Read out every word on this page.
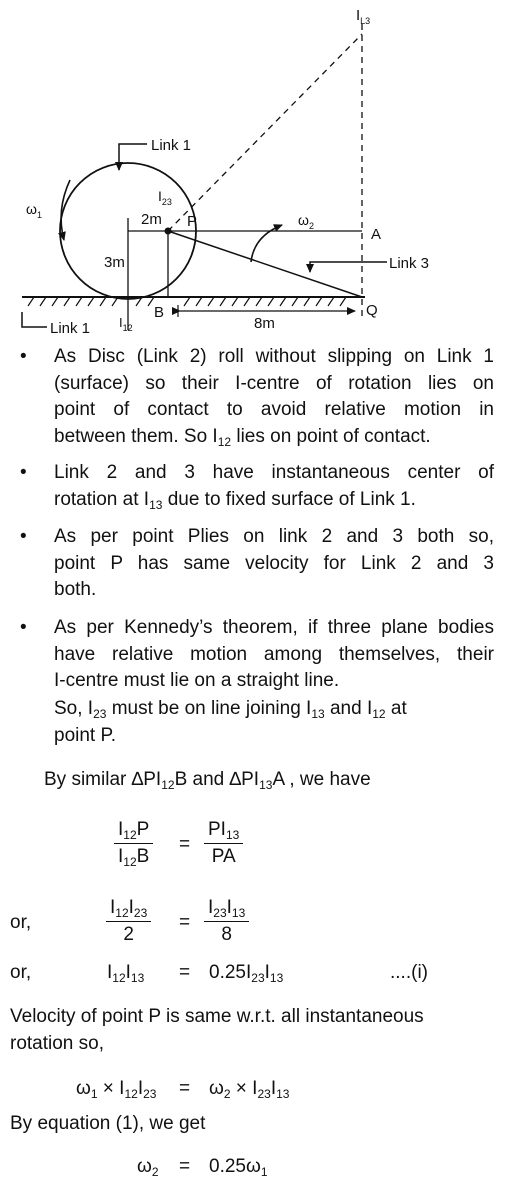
$I_{L3}$
Link 1
$\omega_1$
$I_{23}$
2m P	$\omega_2$	A
Link 3
3m
B	Q
8m
Link 1 $I_{12}$
• As Disc (Link 2) roll without slipping on Link 1
(surface) so their I-centre of rotation lies on
point of contact to avoid relative motion in
between them. So $I_{12}$ lies on point of contact.
• Link 2 and 3 have instantaneous center of
rotation at $I_{13}$ due to fixed surface of Link 1.
• As per point Plies on link 2 and 3 both so,
point P has same velocity for Link 2 and 3
both.
• As per Kennedy’s theorem, if three plane bodies
have relative motion among themselves, their
I-centre must lie on a straight line.
So, $I_{23}$ must be on line joining $I_{13}$ and $I_{12}$ at
point P.
By similar $\Delta PI_{12}B$ and $\Delta PI_{13}A$ , we have
$\frac{I_{12}P}{I_{12}B} = \frac{PI_{13}}{PA}$
or,	$\frac{I_{12}I_{23}}{2} = \frac{I_{23}I_{13}}{8}$
or,	$I_{12}I_{13} = 0.25I_{23}I_{13}$	....(i)
Velocity of point P is same w.r.t. all instantaneous
rotation so,
$\omega_1 \times I_{12}I_{23} = \omega_2 \times I_{23}I_{13}$
By equation (1), we get
$\omega_2 = 0.25\omega_1$
